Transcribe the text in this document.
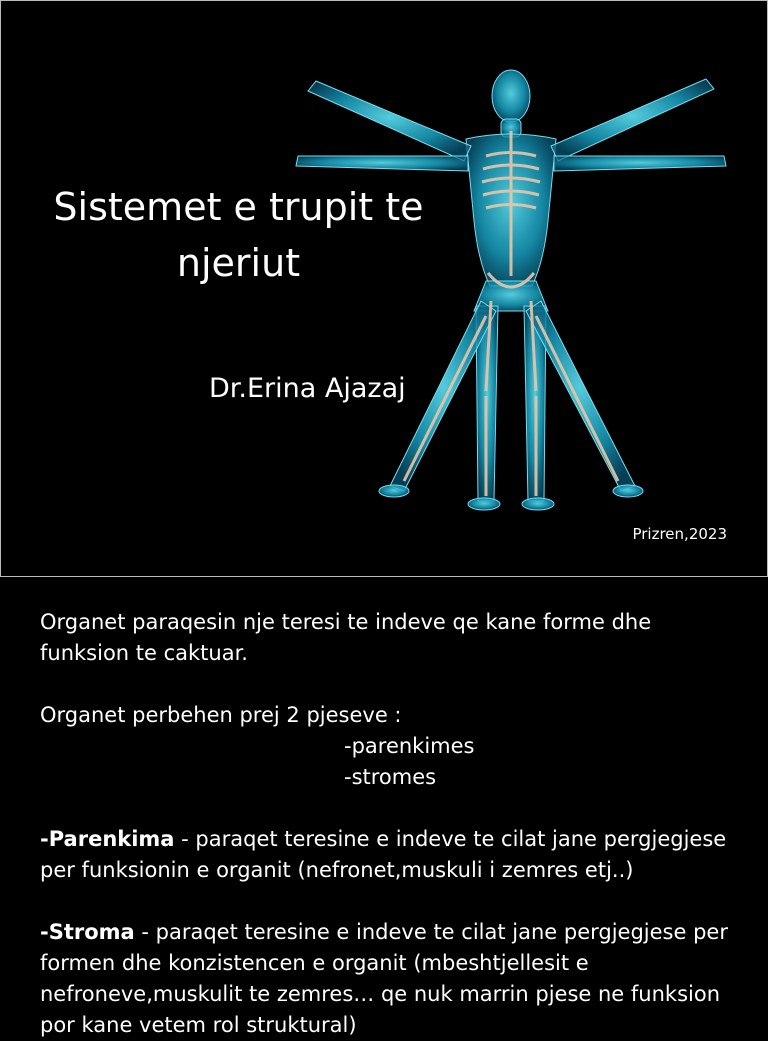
Sistemet e trupit te njeriut
Dr.Erina Ajazaj
Prizren,2023

Organet paraqesin nje teresi te indeve qe kane forme dhe funksion te caktuar.

Organet perbehen prej 2 pjeseve :

-parenkimes

-stromes

-Parenkima - paraqet teresine e indeve te cilat jane pergjegjese per funksionin e organit (nefronet,muskuli i zemres etj..)

-Stroma - paraqet teresine e indeve te cilat jane pergjegjese per formen dhe konzistencen e organit (mbeshtjellesit e nefroneve,muskulit te zemres… qe nuk marrin pjese ne funksion por kane vetem rol struktural)
